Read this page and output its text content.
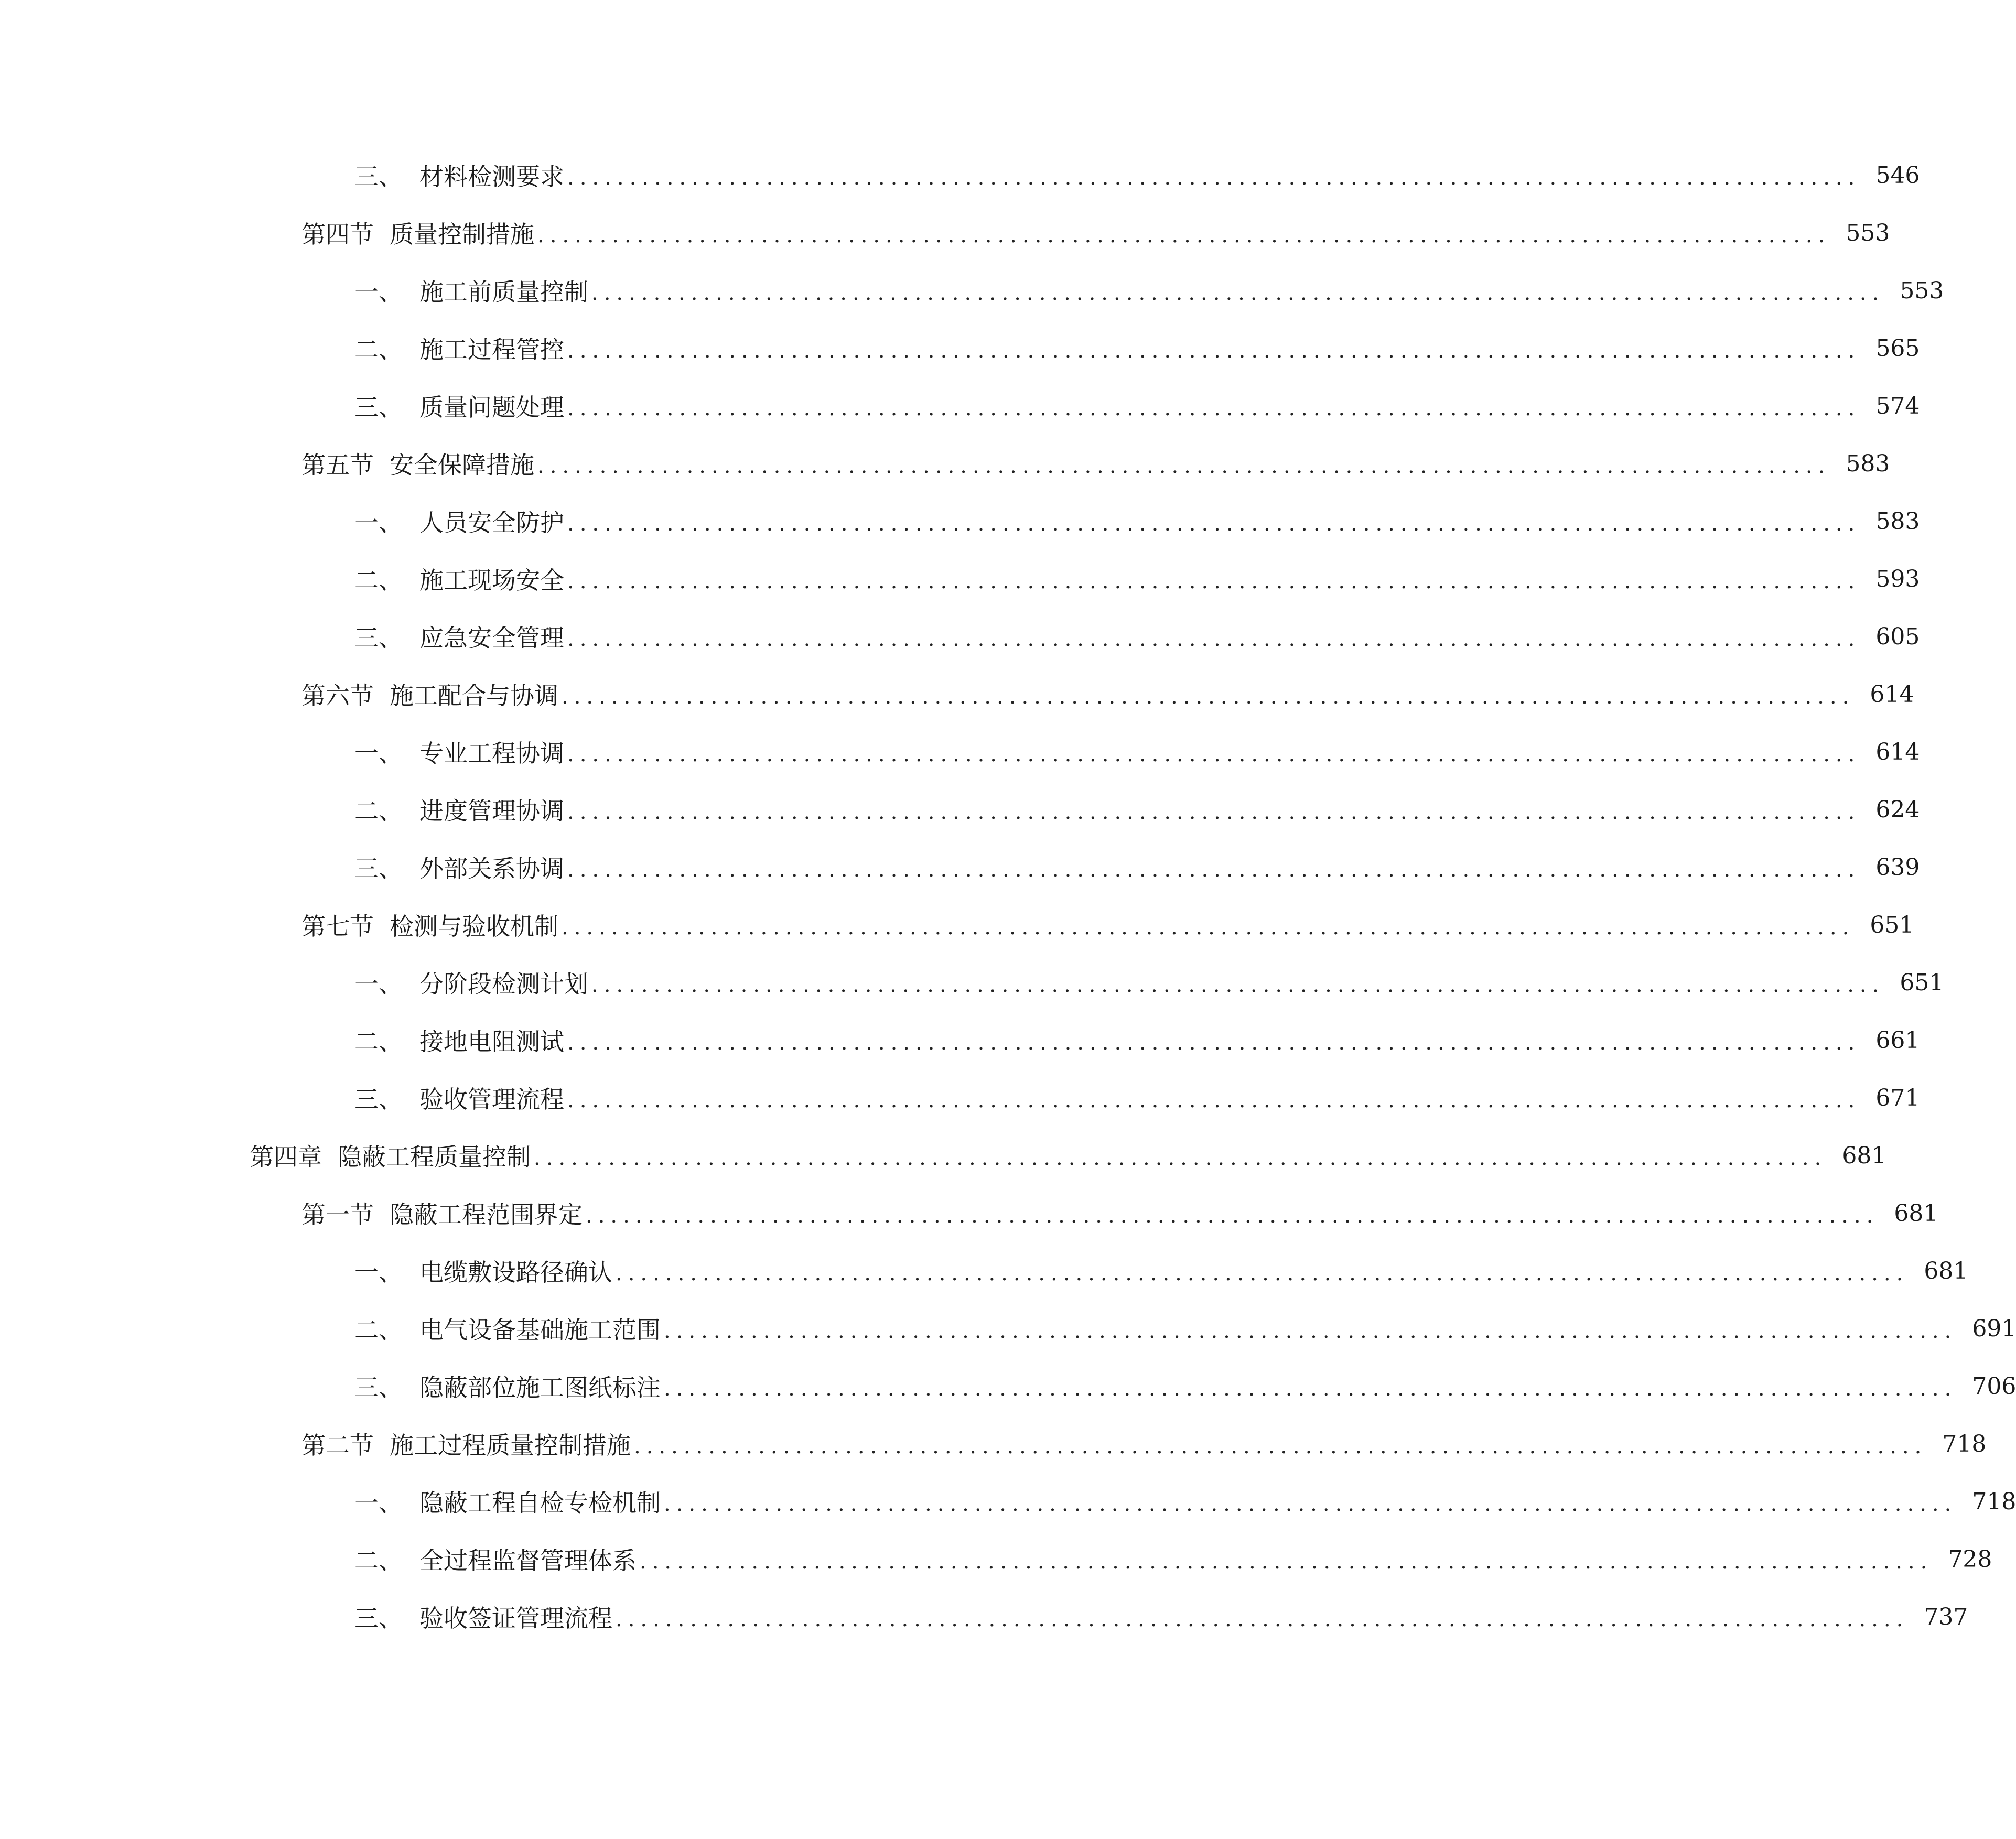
三、 材料检测要求 ........................................................................................................ 546
第四节 质量控制措施 ........................................................................................................ 553
一、 施工前质量控制 ........................................................................................................ 553
二、 施工过程管控 ........................................................................................................ 565
三、 质量问题处理 ........................................................................................................ 574
第五节 安全保障措施 ........................................................................................................ 583
一、 人员安全防护 ........................................................................................................ 583
二、 施工现场安全 ........................................................................................................ 593
三、 应急安全管理 ........................................................................................................ 605
第六节 施工配合与协调 ........................................................................................................ 614
一、 专业工程协调 ........................................................................................................ 614
二、 进度管理协调 ........................................................................................................ 624
三、 外部关系协调 ........................................................................................................ 639
第七节 检测与验收机制 ........................................................................................................ 651
一、 分阶段检测计划 ........................................................................................................ 651
二、 接地电阻测试 ........................................................................................................ 661
三、 验收管理流程 ........................................................................................................ 671
第四章 隐蔽工程质量控制 ........................................................................................................ 681
第一节 隐蔽工程范围界定 ........................................................................................................ 681
一、 电缆敷设路径确认 ........................................................................................................ 681
二、 电气设备基础施工范围 ........................................................................................................ 691
三、 隐蔽部位施工图纸标注 ........................................................................................................ 706
第二节 施工过程质量控制措施 ........................................................................................................ 718
一、 隐蔽工程自检专检机制 ........................................................................................................ 718
二、 全过程监督管理体系 ........................................................................................................ 728
三、 验收签证管理流程 ........................................................................................................ 737
